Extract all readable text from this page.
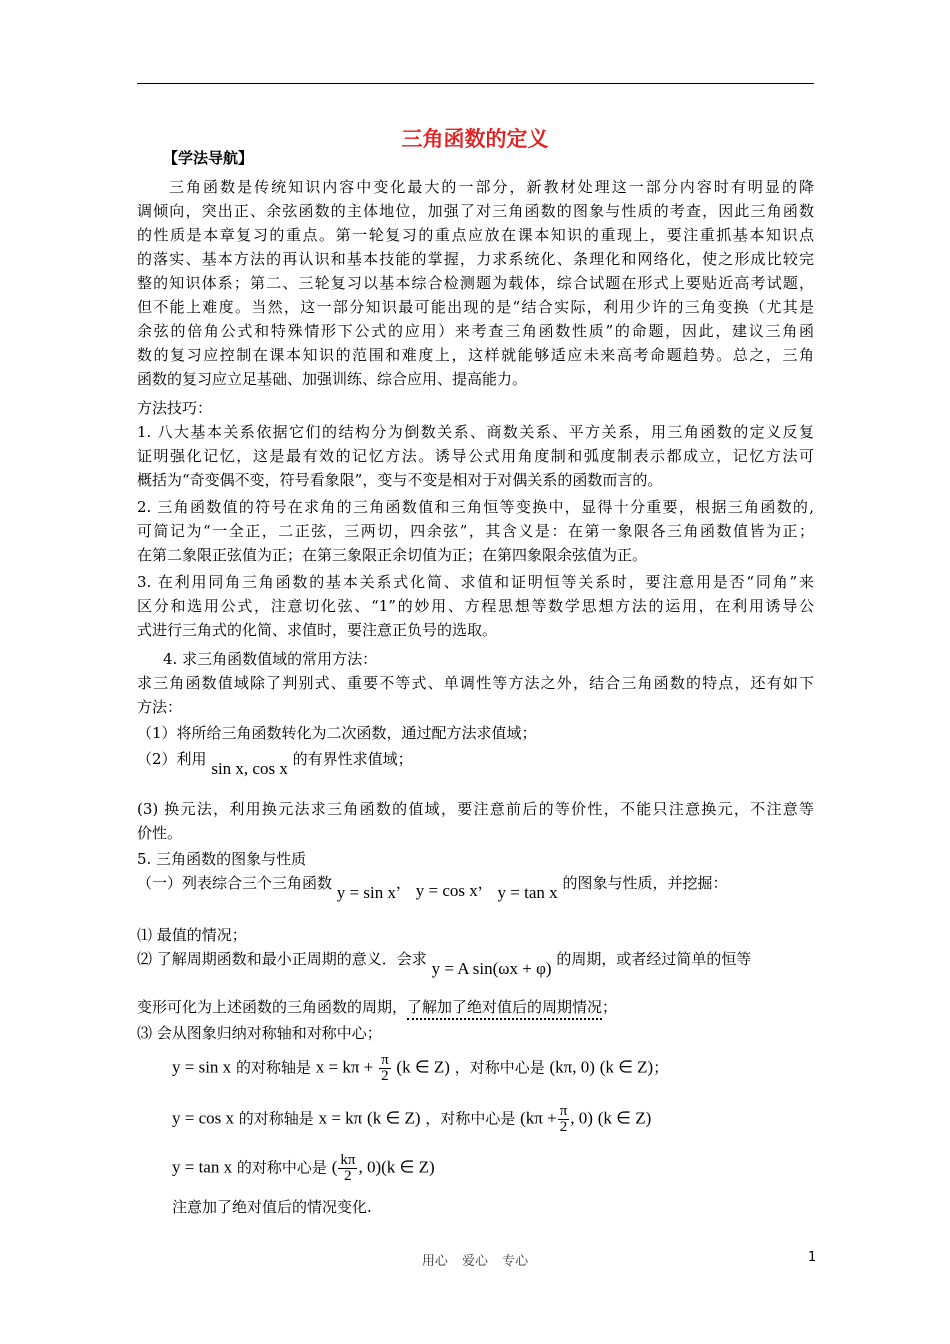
三角函数的定义
【学法导航】
三角函数是传统知识内容中变化最大的一部分，新教材处理这一部分内容时有明显的降
调倾向，突出正、余弦函数的主体地位，加强了对三角函数的图象与性质的考查，因此三角函数
的性质是本章复习的重点。第一轮复习的重点应放在课本知识的重现上，要注重抓基本知识点
的落实、基本方法的再认识和基本技能的掌握，力求系统化、条理化和网络化，使之形成比较完
整的知识体系；第二、三轮复习以基本综合检测题为载体，综合试题在形式上要贴近高考试题，
但不能上难度。当然，这一部分知识最可能出现的是“结合实际，利用少许的三角变换（尤其是
余弦的倍角公式和特殊情形下公式的应用）来考查三角函数性质”的命题，因此，建议三角函
数的复习应控制在课本知识的范围和难度上，这样就能够适应未来高考命题趋势。总之，三角
函数的复习应立足基础、加强训练、综合应用、提高能力。
方法技巧：
1. 八大基本关系依据它们的结构分为倒数关系、商数关系、平方关系，用三角函数的定义反复
证明强化记忆，这是最有效的记忆方法。诱导公式用角度制和弧度制表示都成立，记忆方法可
概括为“奇变偶不变，符号看象限”，变与不变是相对于对偶关系的函数而言的。
2. 三角函数值的符号在求角的三角函数值和三角恒等变换中，显得十分重要，根据三角函数的,
可简记为“一全正，二正弦，三两切，四余弦”，其含义是：在第一象限各三角函数值皆为正；
在第二象限正弦值为正；在第三象限正余切值为正；在第四象限余弦值为正。
3. 在利用同角三角函数的基本关系式化简、求值和证明恒等关系时，要注意用是否“同角”来
区分和选用公式，注意切化弦、“1”的妙用、方程思想等数学思想方法的运用，在利用诱导公
式进行三角式的化简、求值时，要注意正负号的选取。
4. 求三角函数值域的常用方法：
求三角函数值域除了判别式、重要不等式、单调性等方法之外，结合三角函数的特点，还有如下
方法：
（1）将所给三角函数转化为二次函数，通过配方法求值域；
（2）利用 sin x, cos x 的有界性求值域；
(3) 换元法，利用换元法求三角函数的值域，要注意前后的等价性，不能只注意换元，不注意等
价性。
5. 三角函数的图象与性质
（一）列表综合三个三角函数 y = sin x， y = cos x， y = tan x 的图象与性质，并挖掘：
⑴ 最值的情况；
⑵ 了解周期函数和最小正周期的意义．会求 y = A sin(ωx + φ) 的周期，或者经过简单的恒等
变形可化为上述函数的三角函数的周期，了解加了绝对值后的周期情况；
⑶ 会从图象归纳对称轴和对称中心；
y = sin x 的对称轴是 $x = k\pi + \frac{\pi}{2} (k$ ∈ Z) ，对称中心是 (kπ, 0) (k ∈ Z)；
y = cos x 的对称轴是 x = kπ (k ∈ Z) ，对称中心是 ($k\pi + \frac{\pi}{2}$ , 0) (k ∈ Z)
y = tan x 的对称中心是 ( $\frac{k\pi}{2}$ , 0)(k ∈ Z)
注意加了绝对值后的情况变化.
用心 爱心 专心	1
